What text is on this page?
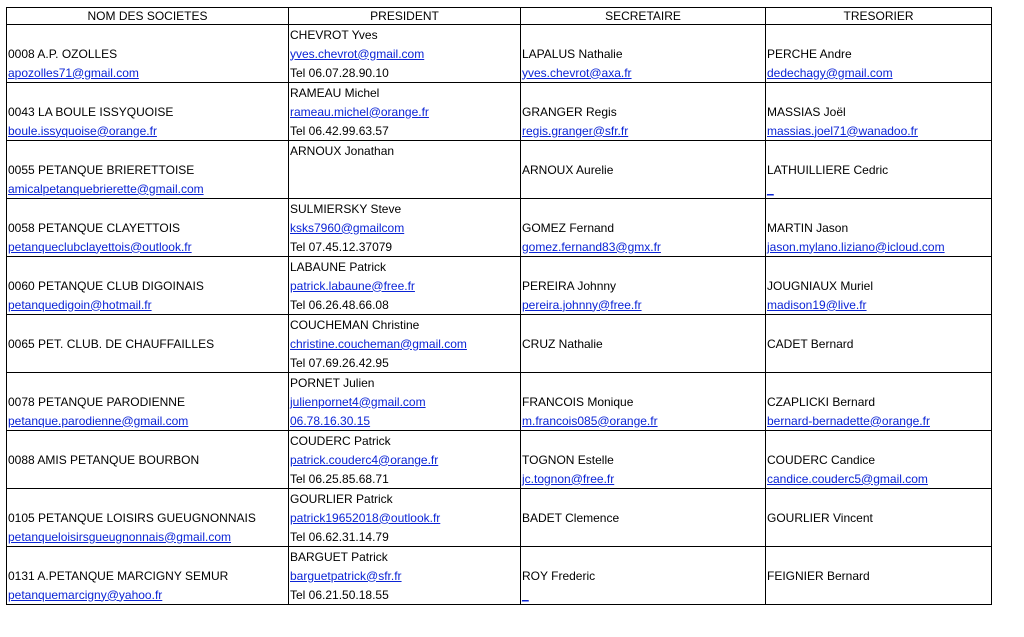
NOM DES SOCIETES	PRESIDENT	SECRETAIRE	TRESORIER
	CHEVROT Yves		
0008 A.P. OZOLLES	yves.chevrot@gmail.com	LAPALUS Nathalie	PERCHE Andre
apozolles71@gmail.com	Tel 06.07.28.90.10	yves.chevrot@axa.fr	dedechagy@gmail.com
	RAMEAU Michel		
0043 LA BOULE ISSYQUOISE	rameau.michel@orange.fr	GRANGER Regis	MASSIAS Joël
boule.issyquoise@orange.fr	Tel 06.42.99.63.57	regis.granger@sfr.fr	massias.joel71@wanadoo.fr
	ARNOUX Jonathan		
0055 PETANQUE BRIERETTOISE		ARNOUX Aurelie	LATHUILLIERE Cedric
amicalpetanquebrierette@gmail.com			_
	SULMIERSKY Steve		
0058 PETANQUE CLAYETTOIS	ksks7960@gmailcom	GOMEZ Fernand	MARTIN Jason
petanqueclubclayettois@outlook.fr	Tel 07.45.12.37079	gomez.fernand83@gmx.fr	jason.mylano.liziano@icloud.com
	LABAUNE Patrick		
0060 PETANQUE CLUB DIGOINAIS	patrick.labaune@free.fr	PEREIRA Johnny	JOUGNIAUX Muriel
petanquedigoin@hotmail.fr	Tel 06.26.48.66.08	pereira.johnny@free.fr	madison19@live.fr
	COUCHEMAN Christine		
0065 PET. CLUB. DE CHAUFFAILLES	christine.coucheman@gmail.com	CRUZ Nathalie	CADET Bernard
	Tel 07.69.26.42.95		
	PORNET Julien		
0078 PETANQUE PARODIENNE	julienpornet4@gmail.com	FRANCOIS Monique	CZAPLICKI Bernard
petanque.parodienne@gmail.com	06.78.16.30.15	m.francois085@orange.fr	bernard-bernadette@orange.fr
	COUDERC Patrick		
0088 AMIS PETANQUE BOURBON	patrick.couderc4@orange.fr	TOGNON Estelle	COUDERC Candice
	Tel 06.25.85.68.71	jc.tognon@free.fr	candice.couderc5@gmail.com
	GOURLIER Patrick		
0105 PETANQUE LOISIRS GUEUGNONNAIS	patrick19652018@outlook.fr	BADET Clemence	GOURLIER Vincent
petanqueloisirsgueugnonnais@gmail.com	Tel 06.62.31.14.79		
	BARGUET Patrick		
0131 A.PETANQUE MARCIGNY SEMUR	barguetpatrick@sfr.fr	ROY Frederic	FEIGNIER Bernard
petanquemarcigny@yahoo.fr	Tel 06.21.50.18.55	_	
